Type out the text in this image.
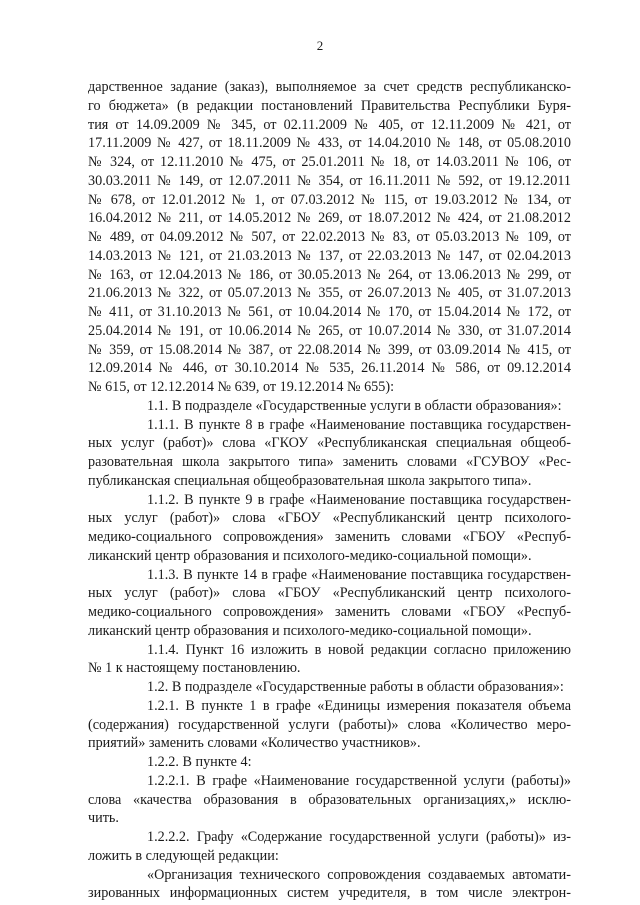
2
дарственное задание (заказ), выполняемое за счет средств республиканско-
го бюджета» (в редакции постановлений Правительства Республики Буря-
тия от 14.09.2009 № 345, от 02.11.2009 № 405, от 12.11.2009 № 421, от
17.11.2009 № 427, от 18.11.2009 № 433, от 14.04.2010 № 148, от 05.08.2010
№ 324, от 12.11.2010 № 475, от 25.01.2011 № 18, от 14.03.2011 № 106, от
30.03.2011 № 149, от 12.07.2011 № 354, от 16.11.2011 № 592, от 19.12.2011
№ 678, от 12.01.2012 № 1, от 07.03.2012 № 115, от 19.03.2012 № 134, от
16.04.2012 № 211, от 14.05.2012 № 269, от 18.07.2012 № 424, от 21.08.2012
№ 489, от 04.09.2012 № 507, от 22.02.2013 № 83, от 05.03.2013 № 109, от
14.03.2013 № 121, от 21.03.2013 № 137, от 22.03.2013 № 147, от 02.04.2013
№ 163, от 12.04.2013 № 186, от 30.05.2013 № 264, от 13.06.2013 № 299, от
21.06.2013 № 322, от 05.07.2013 № 355, от 26.07.2013 № 405, от 31.07.2013
№ 411, от 31.10.2013 № 561, от 10.04.2014 № 170, от 15.04.2014 № 172, от
25.04.2014 № 191, от 10.06.2014 № 265, от 10.07.2014 № 330, от 31.07.2014
№ 359, от 15.08.2014 № 387, от 22.08.2014 № 399, от 03.09.2014 № 415, от
12.09.2014 № 446, от 30.10.2014 № 535, 26.11.2014 № 586, от 09.12.2014
№ 615, от 12.12.2014 № 639, от 19.12.2014 № 655):
1.1. В подразделе «Государственные услуги в области образования»:
1.1.1. В пункте 8 в графе «Наименование поставщика государствен-
ных услуг (работ)» слова «ГКОУ «Республиканская специальная общеоб-
разовательная школа закрытого типа» заменить словами «ГСУВОУ «Рес-
публиканская специальная общеобразовательная школа закрытого типа».
1.1.2. В пункте 9 в графе «Наименование поставщика государствен-
ных услуг (работ)» слова «ГБОУ «Республиканский центр психолого-
медико-социального сопровождения» заменить словами «ГБОУ «Респуб-
ликанский центр образования и психолого-медико-социальной помощи».
1.1.3. В пункте 14 в графе «Наименование поставщика государствен-
ных услуг (работ)» слова «ГБОУ «Республиканский центр психолого-
медико-социального сопровождения» заменить словами «ГБОУ «Респуб-
ликанский центр образования и психолого-медико-социальной помощи».
1.1.4. Пункт 16 изложить в новой редакции согласно приложению
№ 1 к настоящему постановлению.
1.2. В подразделе «Государственные работы в области образования»:
1.2.1. В пункте 1 в графе «Единицы измерения показателя объема
(содержания) государственной услуги (работы)» слова «Количество меро-
приятий» заменить словами «Количество участников».
1.2.2. В пункте 4:
1.2.2.1. В графе «Наименование государственной услуги (работы)»
слова «качества образования в образовательных организациях,» исклю-
чить.
1.2.2.2. Графу «Содержание государственной услуги (работы)» из-
ложить в следующей редакции:
«Организация технического сопровождения создаваемых автомати-
зированных информационных систем учредителя, в том числе электрон-
